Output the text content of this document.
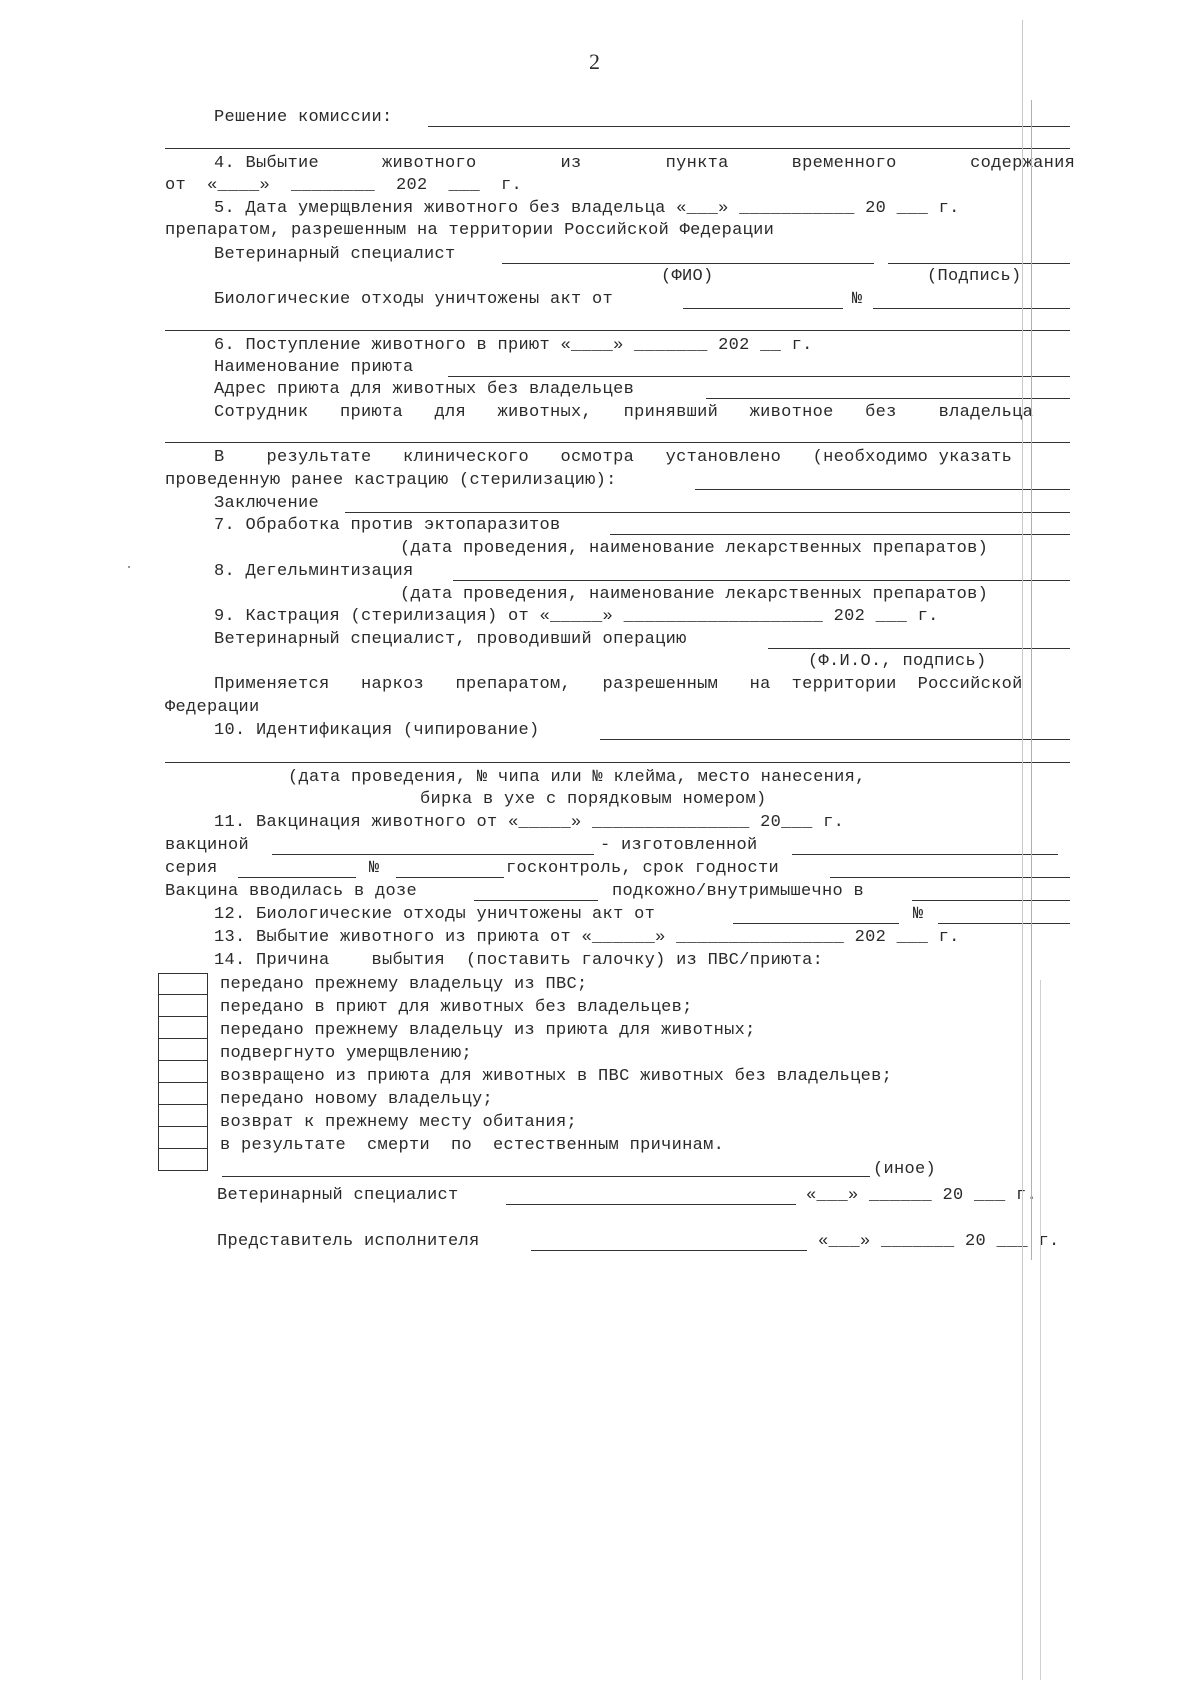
2
Решение комиссии:
4. Выбытие      животного        из        пункта      временного       содержания
от  «____»  ________  202  ___  г.
5. Дата умерщвления животного без владельца «___» ___________ 20 ___ г.
препаратом, разрешенным на территории Российской Федерации
Ветеринарный специалист
(ФИО)	(Подпись)
Биологические отходы уничтожены акт от	№
6. Поступление животного в приют «____» _______ 202 __ г.
Наименование приюта
Адрес приюта для животных без владельцев
Сотрудник   приюта   для   животных,   принявший   животное   без    владельца
В    результате   клинического   осмотра   установлено   (необходимо указать
проведенную ранее кастрацию (стерилизацию):
Заключение
7. Обработка против эктопаразитов
(дата проведения, наименование лекарственных препаратов)
8. Дегельминтизация
(дата проведения, наименование лекарственных препаратов)
9. Кастрация (стерилизация) от «_____» ___________________ 202 ___ г.
Ветеринарный специалист, проводивший операцию
(Ф.И.О., подпись)
Применяется   наркоз   препаратом,   разрешенным   на  территории  Российской
Федерации
10. Идентификация (чипирование)
(дата проведения, № чипа или № клейма, место нанесения,
бирка в ухе с порядковым номером)
11. Вакцинация животного от «_____» _______________ 20___ г.
вакциной	- изготовленной
серия	№	госконтроль, срок годности
Вакцина вводилась в дозе	подкожно/внутримышечно в
12. Биологические отходы уничтожены акт от	№
13. Выбытие животного из приюта от «______» ________________ 202 ___ г.
14. Причина    выбытия  (поставить галочку) из ПВС/приюта:
передано прежнему владельцу из ПВС;
передано в приют для животных без владельцев;
передано прежнему владельцу из приюта для животных;
подвергнуто умерщвлению;
возвращено из приюта для животных в ПВС животных без владельцев;
передано новому владельцу;
возврат к прежнему месту обитания;
в результате  смерти  по  естественным причинам.
(иное)
Ветеринарный специалист	«___» ______ 20 ___ г.
Представитель исполнителя	«___» _______ 20 ___ г.
